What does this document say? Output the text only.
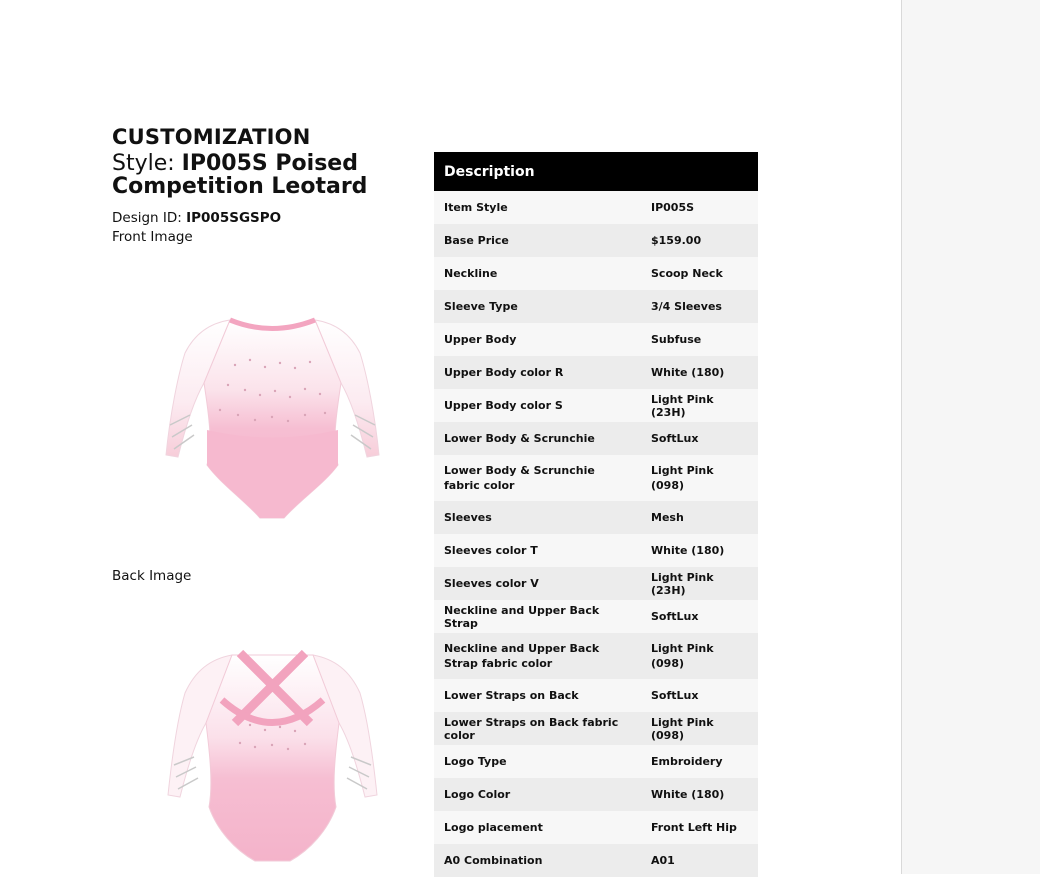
CUSTOMIZATION
Style: IP005S Poised
Competition Leotard
Design ID: IP005SGSPO
Front Image
Back Image
Description	
Item Style	IP005S
Base Price	$159.00
Neckline	Scoop Neck
Sleeve Type	3/4 Sleeves
Upper Body	Subfuse
Upper Body color R	White (180)
Upper Body color S	Light Pink (23H)
Lower Body & Scrunchie	SoftLux
Lower Body & Scrunchie fabric color	Light Pink (098)
Sleeves	Mesh
Sleeves color T	White (180)
Sleeves color V	Light Pink (23H)
Neckline and Upper Back Strap	SoftLux
Neckline and Upper Back Strap fabric color	Light Pink (098)
Lower Straps on Back	SoftLux
Lower Straps on Back fabric color	Light Pink (098)
Logo Type	Embroidery
Logo Color	White (180)
Logo placement	Front Left Hip
A0 Combination	A01
